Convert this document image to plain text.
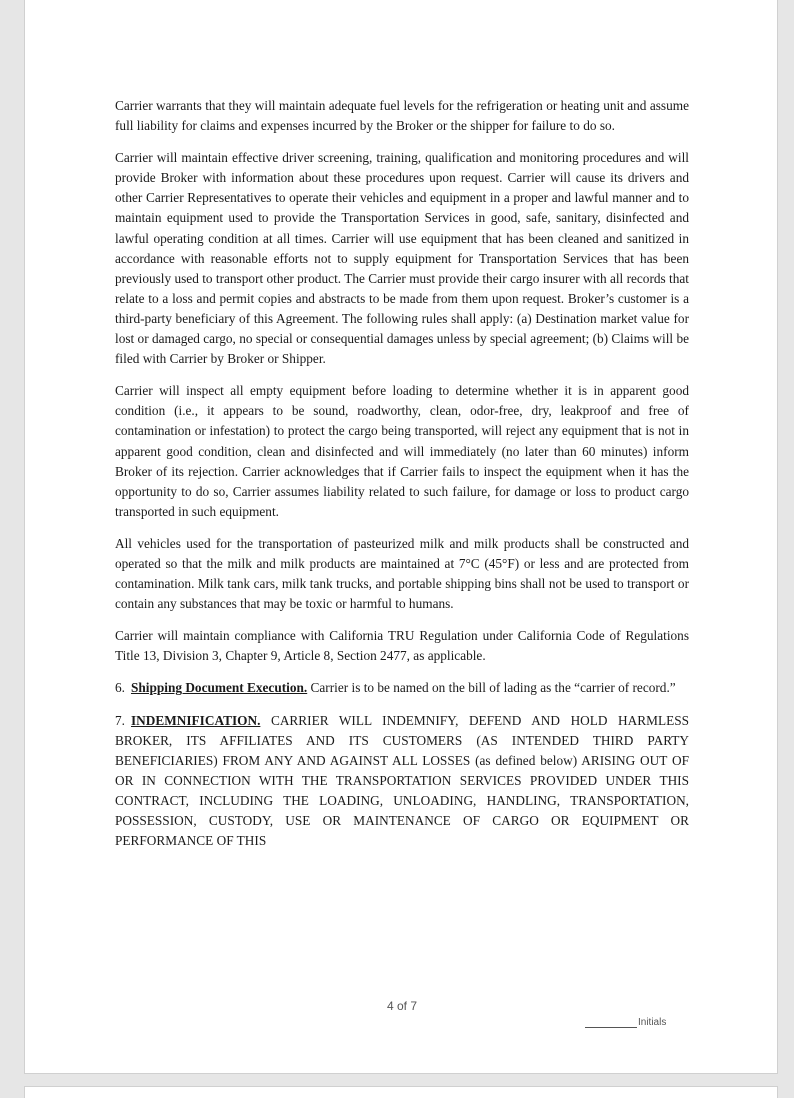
Carrier warrants that they will maintain adequate fuel levels for the refrigeration or heating unit and assume full liability for claims and expenses incurred by the Broker or the shipper for failure to do so.

Carrier will maintain effective driver screening, training, qualification and monitoring procedures and will provide Broker with information about these procedures upon request. Carrier will cause its drivers and other Carrier Representatives to operate their vehicles and equipment in a proper and lawful manner and to maintain equipment used to provide the Transportation Services in good, safe, sanitary, disinfected and lawful operating condition at all times. Carrier will use equipment that has been cleaned and sanitized in accordance with reasonable efforts not to supply equipment for Transportation Services that has been previously used to transport other product. The Carrier must provide their cargo insurer with all records that relate to a loss and permit copies and abstracts to be made from them upon request. Broker’s customer is a third-party beneficiary of this Agreement. The following rules shall apply: (a) Destination market value for lost or damaged cargo, no special or consequential damages unless by special agreement; (b) Claims will be filed with Carrier by Broker or Shipper.

Carrier will inspect all empty equipment before loading to determine whether it is in apparent good condition (i.e., it appears to be sound, roadworthy, clean, odor-free, dry, leakproof and free of contamination or infestation) to protect the cargo being transported, will reject any equipment that is not in apparent good condition, clean and disinfected and will immediately (no later than 60 minutes) inform Broker of its rejection. Carrier acknowledges that if Carrier fails to inspect the equipment when it has the opportunity to do so, Carrier assumes liability related to such failure, for damage or loss to product cargo transported in such equipment.

All vehicles used for the transportation of pasteurized milk and milk products shall be constructed and operated so that the milk and milk products are maintained at 7°C (45°F) or less and are protected from contamination. Milk tank cars, milk tank trucks, and portable shipping bins shall not be used to transport or contain any substances that may be toxic or harmful to humans.

Carrier will maintain compliance with California TRU Regulation under California Code of Regulations Title 13, Division 3, Chapter 9, Article 8, Section 2477, as applicable.

6. Shipping Document Execution. Carrier is to be named on the bill of lading as the “carrier of record.”

7. INDEMNIFICATION. CARRIER WILL INDEMNIFY, DEFEND AND HOLD HARMLESS BROKER, ITS AFFILIATES AND ITS CUSTOMERS (AS INTENDED THIRD PARTY BENEFICIARIES) FROM ANY AND AGAINST ALL LOSSES (as defined below) ARISING OUT OF OR IN CONNECTION WITH THE TRANSPORTATION SERVICES PROVIDED UNDER THIS CONTRACT, INCLUDING THE LOADING, UNLOADING, HANDLING, TRANSPORTATION, POSSESSION, CUSTODY, USE OR MAINTENANCE OF CARGO OR EQUIPMENT OR PERFORMANCE OF THIS

4 of 7
Initials
